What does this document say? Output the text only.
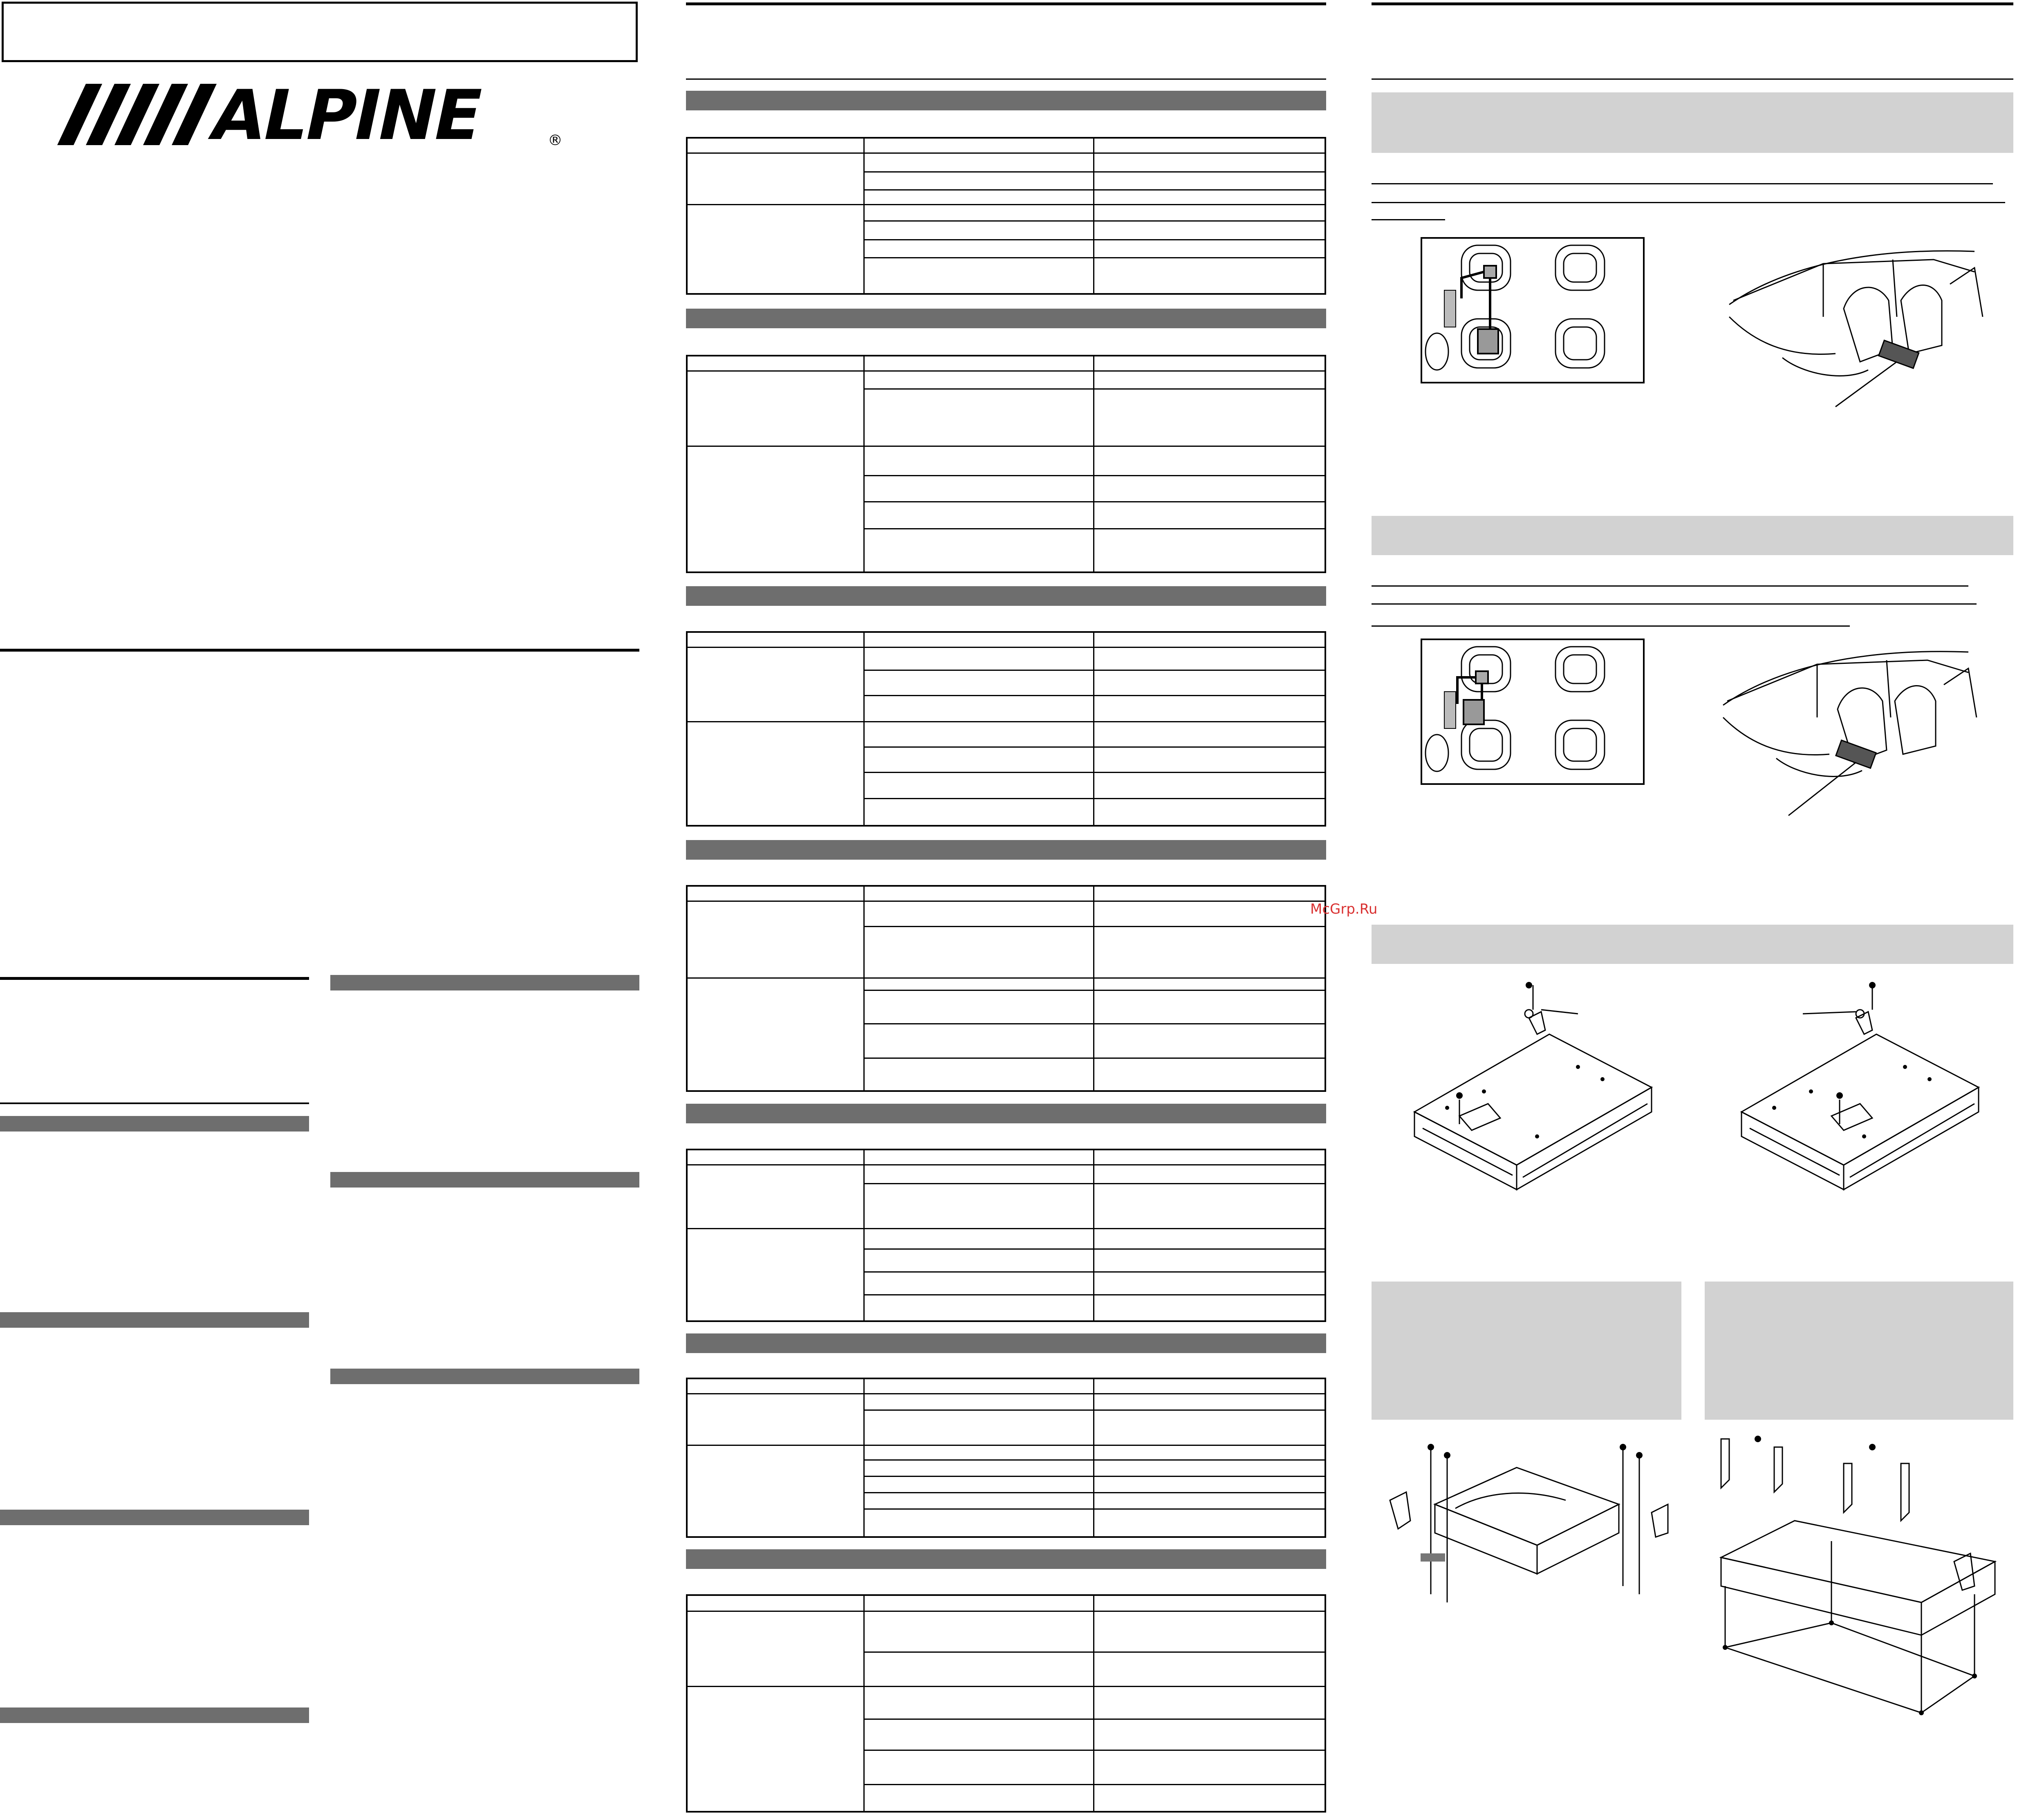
ALPINE	®
McGrp.Ru
